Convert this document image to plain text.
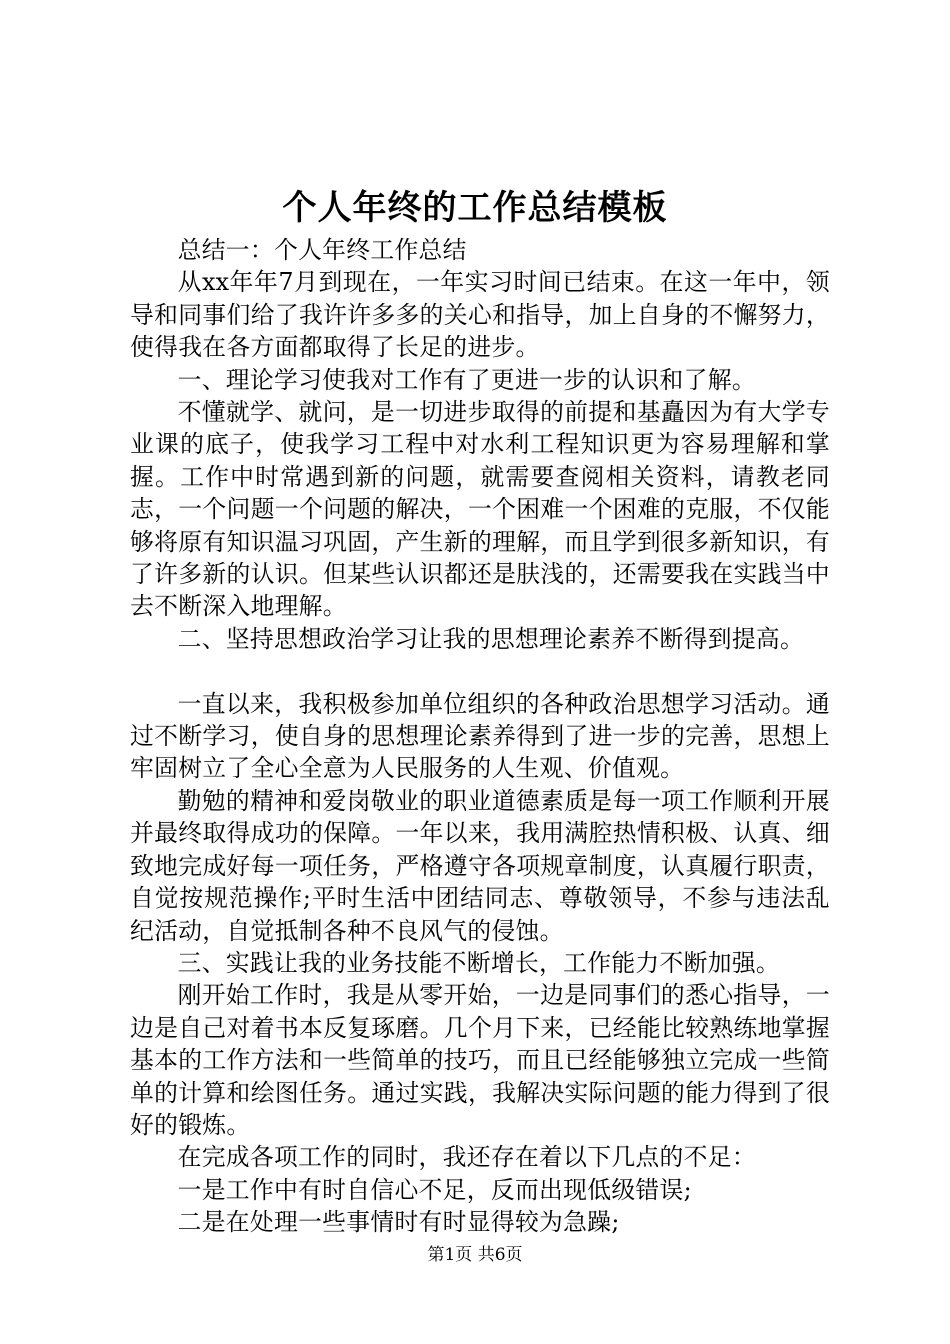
个人年终的工作总结模板

总结一：个人年终工作总结

从xx年年7月到现在，一年实习时间已结束。在这一年中，领导和同事们给了我许许多多的关心和指导，加上自身的不懈努力，使得我在各方面都取得了长足的进步。

一、理论学习使我对工作有了更进一步的认识和了解。

不懂就学、就问，是一切进步取得的前提和基矗因为有大学专业课的底子，使我学习工程中对水利工程知识更为容易理解和掌握。工作中时常遇到新的问题，就需要查阅相关资料，请教老同志，一个问题一个问题的解决，一个困难一个困难的克服，不仅能够将原有知识温习巩固，产生新的理解，而且学到很多新知识，有了许多新的认识。但某些认识都还是肤浅的，还需要我在实践当中去不断深入地理解。

二、坚持思想政治学习让我的思想理论素养不断得到提高。

一直以来，我积极参加单位组织的各种政治思想学习活动。通过不断学习，使自身的思想理论素养得到了进一步的完善，思想上牢固树立了全心全意为人民服务的人生观、价值观。

勤勉的精神和爱岗敬业的职业道德素质是每一项工作顺利开展并最终取得成功的保障。一年以来，我用满腔热情积极、认真、细致地完成好每一项任务，严格遵守各项规章制度，认真履行职责，自觉按规范操作;平时生活中团结同志、尊敬领导，不参与违法乱纪活动，自觉抵制各种不良风气的侵蚀。

三、实践让我的业务技能不断增长，工作能力不断加强。

刚开始工作时，我是从零开始，一边是同事们的悉心指导，一边是自己对着书本反复琢磨。几个月下来，已经能比较熟练地掌握基本的工作方法和一些简单的技巧，而且已经能够独立完成一些简单的计算和绘图任务。通过实践，我解决实际问题的能力得到了很好的锻炼。

在完成各项工作的同时，我还存在着以下几点的不足：

一是工作中有时自信心不足，反而出现低级错误;

二是在处理一些事情时有时显得较为急躁;

第1页 共6页
